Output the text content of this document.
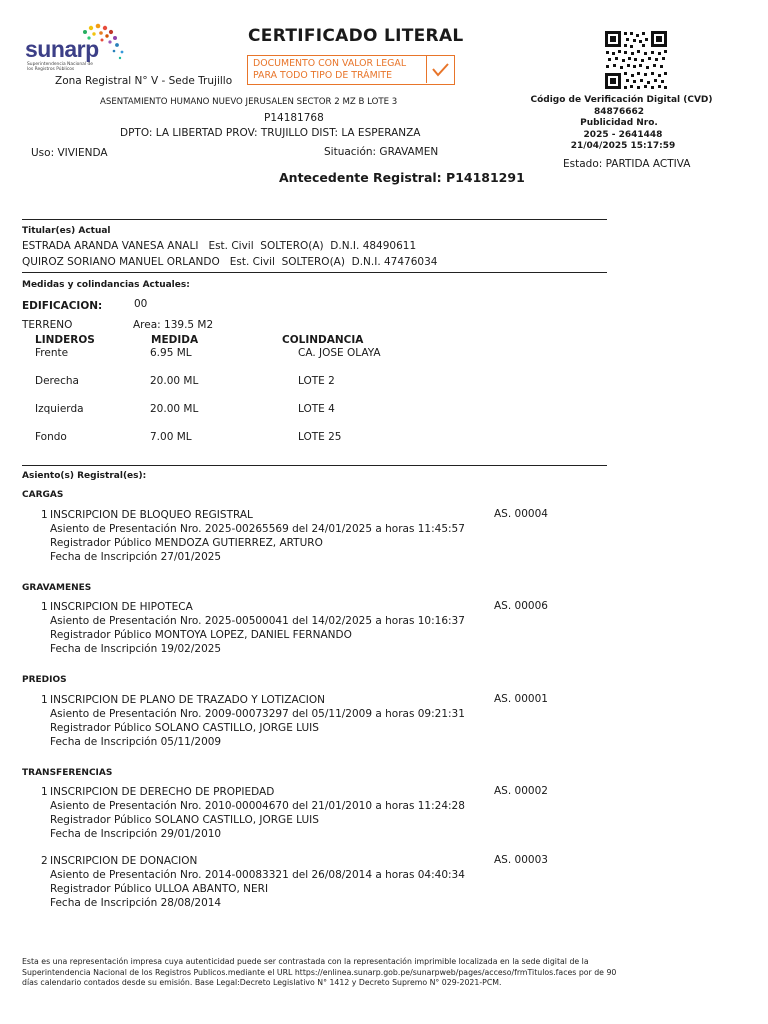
sunarp
Superintendencia Nacional de los Registros Públicos
Zona Registral N° V - Sede Trujillo
CERTIFICADO LITERAL
DOCUMENTO CON VALOR LEGAL
PARA TODO TIPO DE TRÁMITE
Código de Verificación Digital (CVD)
84876662
Publicidad Nro.
2025 - 2641448
21/04/2025 15:17:59
Estado: PARTIDA ACTIVA
ASENTAMIENTO HUMANO NUEVO JERUSALEN SECTOR 2 MZ B LOTE 3
P14181768
DPTO: LA LIBERTAD PROV: TRUJILLO DIST: LA ESPERANZA
Uso: VIVIENDA	Situación: GRAVAMEN
Antecedente Registral: P14181291
Titular(es) Actual
ESTRADA ARANDA VANESA ANALI   Est. Civil  SOLTERO(A)  D.N.I. 48490611
QUIROZ SORIANO MANUEL ORLANDO   Est. Civil  SOLTERO(A)  D.N.I. 47476034
Medidas y colindancias Actuales:
EDIFICACION:	00
TERRENO	Area: 139.5 M2
LINDEROS	MEDIDA	COLINDANCIA
Frente	6.95 ML	CA. JOSE OLAYA
Derecha	20.00 ML	LOTE 2
Izquierda	20.00 ML	LOTE 4
Fondo	7.00 ML	LOTE 25
Asiento(s) Registral(es):
CARGAS
1 INSCRIPCION DE BLOQUEO REGISTRAL
Asiento de Presentación Nro. 2025-00265569 del 24/01/2025 a horas 11:45:57
Registrador Público MENDOZA GUTIERREZ, ARTURO
Fecha de Inscripción 27/01/2025
AS. 00004
GRAVAMENES
1 INSCRIPCION DE HIPOTECA
Asiento de Presentación Nro. 2025-00500041 del 14/02/2025 a horas 10:16:37
Registrador Público MONTOYA LOPEZ, DANIEL FERNANDO
Fecha de Inscripción 19/02/2025
AS. 00006
PREDIOS
1 INSCRIPCION DE PLANO DE TRAZADO Y LOTIZACION
Asiento de Presentación Nro. 2009-00073297 del 05/11/2009 a horas 09:21:31
Registrador Público SOLANO CASTILLO, JORGE LUIS
Fecha de Inscripción 05/11/2009
AS. 00001
TRANSFERENCIAS
1 INSCRIPCION DE DERECHO DE PROPIEDAD
Asiento de Presentación Nro. 2010-00004670 del 21/01/2010 a horas 11:24:28
Registrador Público SOLANO CASTILLO, JORGE LUIS
Fecha de Inscripción 29/01/2010
AS. 00002
2 INSCRIPCION DE DONACION
Asiento de Presentación Nro. 2014-00083321 del 26/08/2014 a horas 04:40:34
Registrador Público ULLOA ABANTO, NERI
Fecha de Inscripción 28/08/2014
AS. 00003
Esta es una representación impresa cuya autenticidad puede ser contrastada con la representación imprimible localizada en la sede digital de la Superintendencia Nacional de los Registros Publicos.mediante el URL https://enlinea.sunarp.gob.pe/sunarpweb/pages/acceso/frmTitulos.faces por de 90 días calendario contados desde su emisión. Base Legal:Decreto Legislativo N° 1412 y Decreto Supremo N° 029-2021-PCM.
